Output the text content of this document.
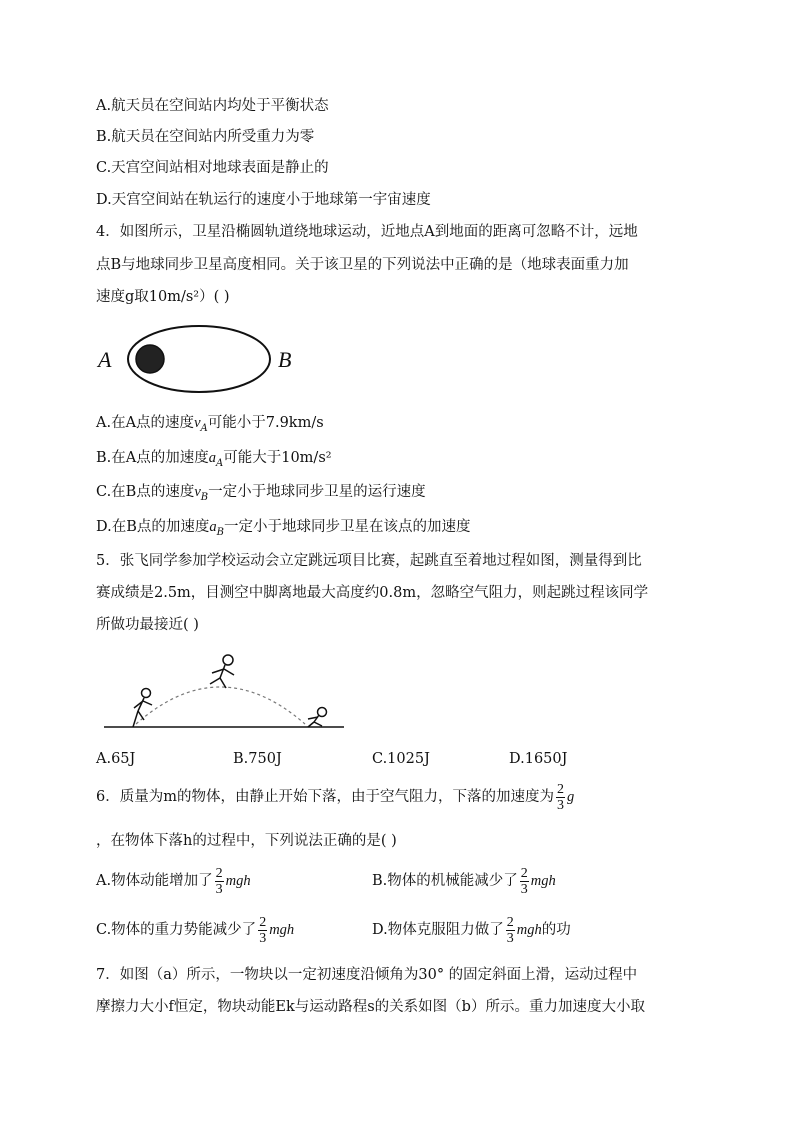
A.航天员在空间站内均处于平衡状态
B.航天员在空间站内所受重力为零
C.天宫空间站相对地球表面是静止的
D.天宫空间站在轨运行的速度小于地球第一宇宙速度
4．如图所示，卫星沿椭圆轨道绕地球运动，近地点A到地面的距离可忽略不计，远地
点B与地球同步卫星高度相同。关于该卫星的下列说法中正确的是（地球表面重力加
速度g取10m/s²）( )
A	B
A.在A点的速度$v_A$可能小于7.9km/s
B.在A点的加速度$a_A$可能大于10m/s²
C.在B点的速度$v_B$一定小于地球同步卫星的运行速度
D.在B点的加速度$a_B$一定小于地球同步卫星在该点的加速度
5．张飞同学参加学校运动会立定跳远项目比赛，起跳直至着地过程如图，测量得到比
赛成绩是2.5m，目测空中脚离地最大高度约0.8m，忽略空气阻力，则起跳过程该同学
所做功最接近( )
A.65J	B.750J	C.1025J	D.1650J
6．质量为m的物体，由静止开始下落，由于空气阻力，下落的加速度为 $\frac{2}{3}$ g
，在物体下落h的过程中，下列说法正确的是( )
A.物体动能增加了 $\frac{2}{3}$ mgh	B.物体的机械能减少了 $\frac{2}{3}$ mgh
C.物体的重力势能减少了 $\frac{2}{3}$ mgh	D.物体克服阻力做了 $\frac{2}{3}$ mgh的功
7．如图（a）所示，一物块以一定初速度沿倾角为30° 的固定斜面上滑，运动过程中
摩擦力大小f恒定，物块动能Ek与运动路程s的关系如图（b）所示。重力加速度大小取
